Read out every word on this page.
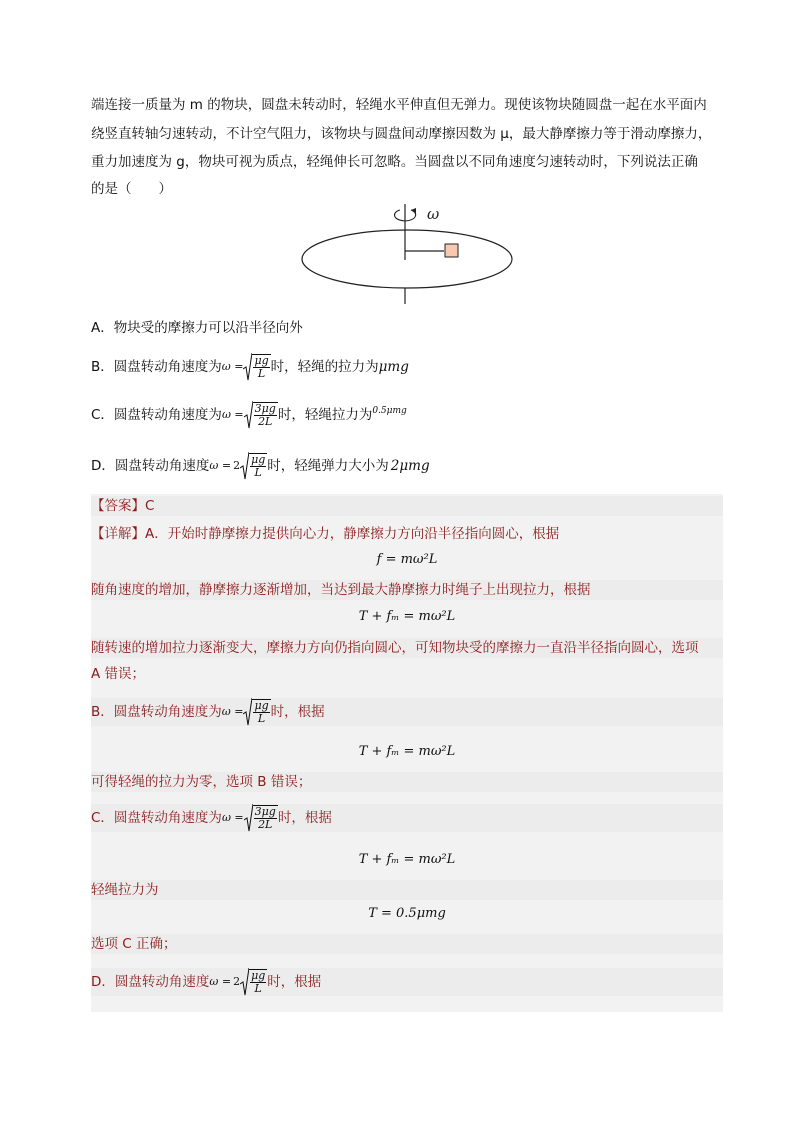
端连接一质量为 m 的物块，圆盘未转动时，轻绳水平伸直但无弹力。现使该物块随圆盘一起在水平面内
绕竖直转轴匀速转动，不计空气阻力，该物块与圆盘间动摩擦因数为 μ，最大静摩擦力等于滑动摩擦力，
重力加速度为 g，物块可视为质点，轻绳伸长可忽略。当圆盘以不同角速度匀速转动时，下列说法正确
的是（　　）
ω
A．物块受的摩擦力可以沿半径向外
B．圆盘转动角速度为 $\omega = \frac{\mu g}{L}$ 时，轻绳的拉力为 μmg
C．圆盘转动角速度为 $\omega = \frac{3\mu g}{2L}$ 时，轻绳拉力为 0.5μmg
D．圆盘转动角速度 $\omega = 2 \frac{\mu g}{L}$ 时，轻绳弹力大小为 2μmg
【答案】C
【详解】A．开始时静摩擦力提供向心力，静摩擦力方向沿半径指向圆心，根据
f = mω²L
随角速度的增加，静摩擦力逐渐增加，当达到最大静摩擦力时绳子上出现拉力，根据
T + fₘ = mω²L
随转速的增加拉力逐渐变大，摩擦力方向仍指向圆心，可知物块受的摩擦力一直沿半径指向圆心，选项
A 错误；
B．圆盘转动角速度为 $\omega = \frac{\mu g}{L}$ 时，根据
T + fₘ = mω²L
可得轻绳的拉力为零，选项 B 错误；
C．圆盘转动角速度为 $\omega = \frac{3\mu g}{2L}$ 时，根据
T + fₘ = mω²L
轻绳拉力为
T = 0.5μmg
选项 C 正确；
D．圆盘转动角速度 $\omega = 2 \frac{\mu g}{L}$ 时，根据
